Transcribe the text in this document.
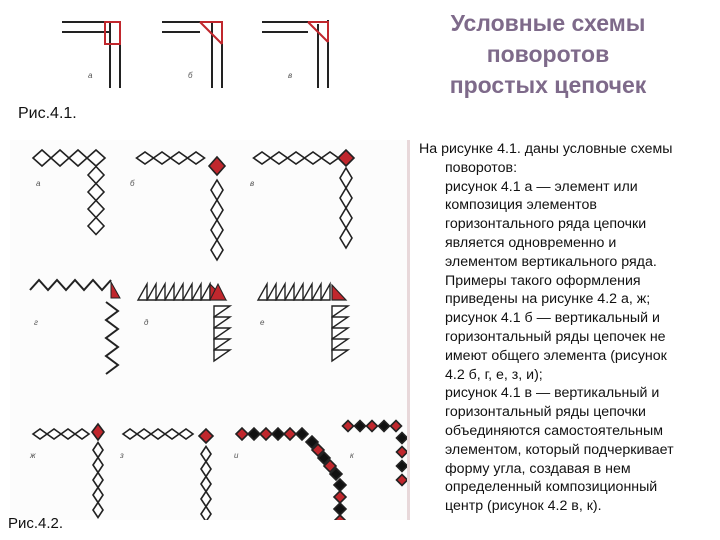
а	б	в
Рис.4.1.
Условные схемы
поворотов
простых цепочек
На рисунке 4.1. даны условные схемы
поворотов:
рисунок 4.1 а — элемент или
композиция элементов
горизонтального ряда цепочки
является одновременно и
элементом вертикального ряда.
Примеры такого оформления
приведены на рисунке 4.2 а, ж;
рисунок 4.1 б — вертикальный и
горизонтальный ряды цепочек не
имеют общего элемента (рисунок
4.2 б, г, е, з, и);
рисунок 4.1 в — вертикальный и
горизонтальный ряды цепочки
объединяются самостоятельным
элементом, который подчеркивает
форму угла, создавая в нем
определенный композиционный
центр (рисунок 4.2 в, к).
а	б	в
г	д	е
ж	з	и	к
Рис.4.2.
